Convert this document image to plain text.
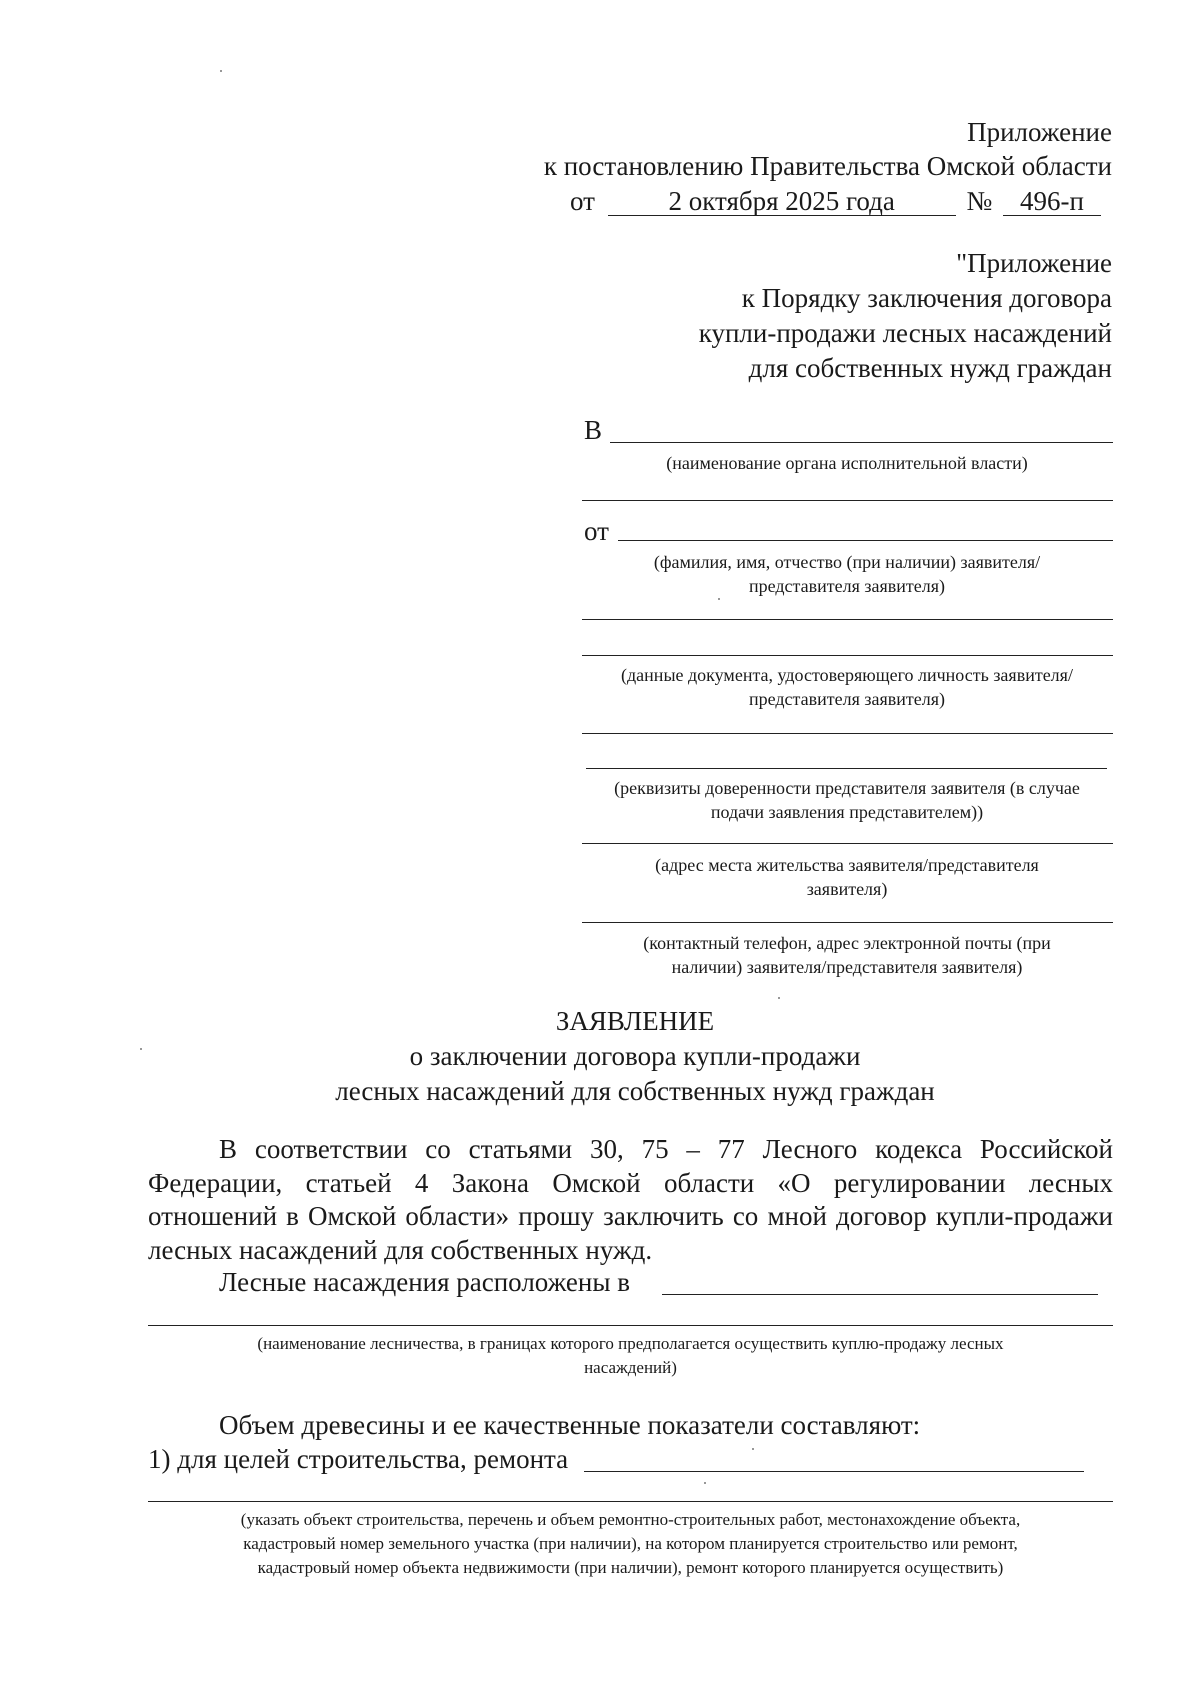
Приложение
к постановлению Правительства Омской области
от	2 октября 2025 года	№ 496-п
"Приложение
к Порядку заключения договора
купли-продажи лесных насаждений
для собственных нужд граждан
В
(наименование органа исполнительной власти)
от
(фамилия, имя, отчество (при наличии) заявителя/
представителя заявителя)
(данные документа, удостоверяющего личность заявителя/
представителя заявителя)
(реквизиты доверенности представителя заявителя (в случае
подачи заявления представителем))
(адрес места жительства заявителя/представителя
заявителя)
(контактный телефон, адрес электронной почты (при
наличии) заявителя/представителя заявителя)
ЗАЯВЛЕНИЕ
о заключении договора купли-продажи
лесных насаждений для собственных нужд граждан
В соответствии со статьями 30, 75 – 77 Лесного кодекса Российской Федерации, статьей 4 Закона Омской области «О регулировании лесных отношений в Омской области» прошу заключить со мной договор купли-продажи лесных насаждений для собственных нужд.
Лесные насаждения расположены в
(наименование лесничества, в границах которого предполагается осуществить куплю-продажу лесных
насаждений)
Объем древесины и ее качественные показатели составляют:
1) для целей строительства, ремонта
(указать объект строительства, перечень и объем ремонтно-строительных работ, местонахождение объекта,
кадастровый номер земельного участка (при наличии), на котором планируется строительство или ремонт,
кадастровый номер объекта недвижимости (при наличии), ремонт которого планируется осуществить)
